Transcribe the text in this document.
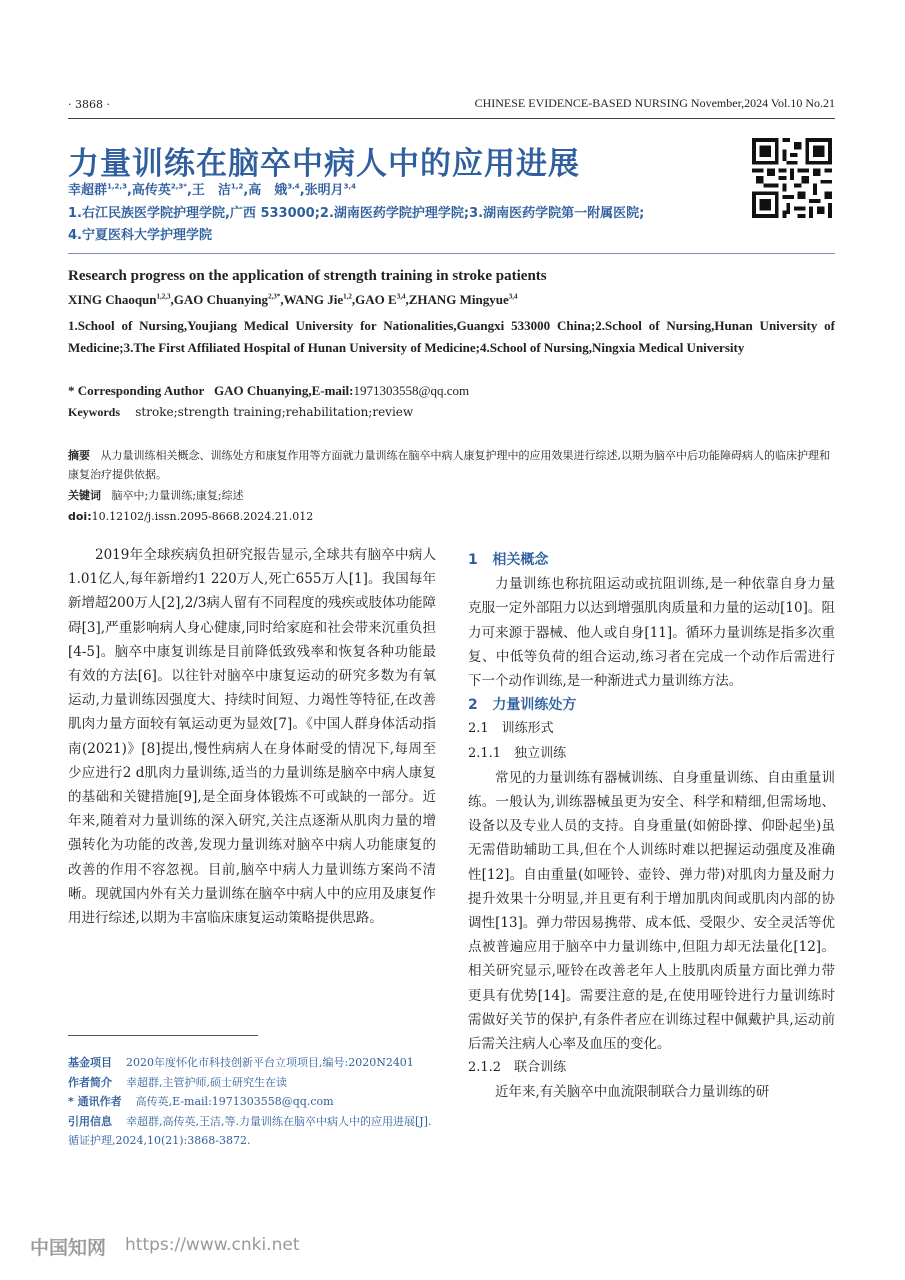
· 3868 ·	CHINESE EVIDENCE-BASED NURSING November,2024 Vol.10 No.21
力量训练在脑卒中病人中的应用进展
幸超群$^{1,2,3}$,高传英$^{2,3*}$,王　洁$^{1,2}$,高　娥$^{3,4}$,张明月$^{3,4}$
1.右江民族医学院护理学院,广西 533000;2.湖南医药学院护理学院;3.湖南医药学院第一附属医院;
4.宁夏医科大学护理学院
Research progress on the application of strength training in stroke patients
XING Chaoqun$^{1,2,3}$,GAO Chuanying$^{2,3*}$,WANG Jie$^{1,2}$,GAO E$^{3,4}$,ZHANG Mingyue$^{3,4}$
1.School of Nursing,Youjiang Medical University for Nationalities,Guangxi 533000 China;2.School of Nursing,Hunan University of Medicine;3.The First Affiliated Hospital of Hunan University of Medicine;4.School of Nursing,Ningxia Medical University
* Corresponding Author GAO Chuanying,E-mail:1971303558@qq.com
Keywords stroke;strength training;rehabilitation;review
摘要 从力量训练相关概念、训练处方和康复作用等方面就力量训练在脑卒中病人康复护理中的应用效果进行综述,以期为脑卒中后功能障碍病人的临床护理和康复治疗提供依据。
关键词 脑卒中;力量训练;康复;综述
doi:10.12102/j.issn.2095-8668.2024.21.012

2019年全球疾病负担研究报告显示,全球共有脑卒中病人1.01亿人,每年新增约1 220万人,死亡655万人[1]。我国每年新增超200万人[2],2/3病人留有不同程度的残疾或肢体功能障碍[3],严重影响病人身心健康,同时给家庭和社会带来沉重负担[4-5]。脑卒中康复训练是目前降低致残率和恢复各种功能最有效的方法[6]。以往针对脑卒中康复运动的研究多数为有氧运动,力量训练因强度大、持续时间短、力竭性等特征,在改善肌肉力量方面较有氧运动更为显效[7]。《中国人群身体活动指南(2021)》[8]提出,慢性病病人在身体耐受的情况下,每周至少应进行2 d肌肉力量训练,适当的力量训练是脑卒中病人康复的基础和关键措施[9],是全面身体锻炼不可或缺的一部分。近年来,随着对力量训练的深入研究,关注点逐渐从肌肉力量的增强转化为功能的改善,发现力量训练对脑卒中病人功能康复的改善的作用不容忽视。目前,脑卒中病人力量训练方案尚不清晰。现就国内外有关力量训练在脑卒中病人中的应用及康复作用进行综述,以期为丰富临床康复运动策略提供思路。

1 相关概念

力量训练也称抗阻运动或抗阻训练,是一种依靠自身力量克服一定外部阻力以达到增强肌肉质量和力量的运动[10]。阻力可来源于器械、他人或自身[11]。循环力量训练是指多次重复、中低等负荷的组合运动,练习者在完成一个动作后需进行下一个动作训练,是一种渐进式力量训练方法。

2 力量训练处方

2.1　训练形式

2.1.1　独立训练

常见的力量训练有器械训练、自身重量训练、自由重量训练。一般认为,训练器械虽更为安全、科学和精细,但需场地、设备以及专业人员的支持。自身重量(如俯卧撑、仰卧起坐)虽无需借助辅助工具,但在个人训练时难以把握运动强度及准确性[12]。自由重量(如哑铃、壶铃、弹力带)对肌肉力量及耐力提升效果十分明显,并且更有利于增加肌肉间或肌肉内部的协调性[13]。弹力带因易携带、成本低、受限少、安全灵活等优点被普遍应用于脑卒中力量训练中,但阻力却无法量化[12]。相关研究显示,哑铃在改善老年人上肢肌肉质量方面比弹力带更具有优势[14]。需要注意的是,在使用哑铃进行力量训练时需做好关节的保护,有条件者应在训练过程中佩戴护具,运动前后需关注病人心率及血压的变化。

2.1.2　联合训练

近年来,有关脑卒中血流限制联合力量训练的研

基金项目 2020年度怀化市科技创新平台立项项目,编号:2020N2401
作者简介 幸超群,主管护师,硕士研究生在读
* 通讯作者 高传英,E-mail:1971303558@qq.com
引用信息 幸超群,高传英,王洁,等.力量训练在脑卒中病人中的应用进展[J].循证护理,2024,10(21):3868-3872.
中国知网 https://www.cnki.net
